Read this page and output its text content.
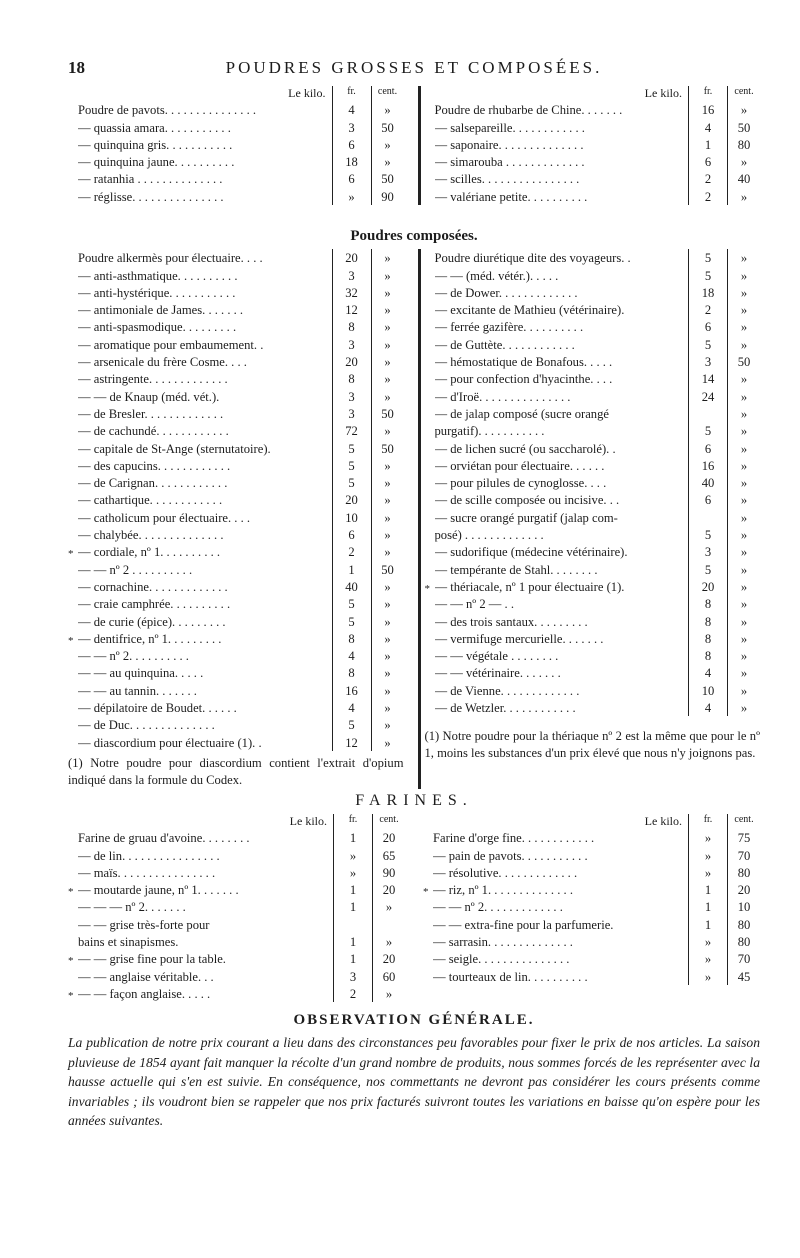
18	POUDRES GROSSES ET COMPOSÉES.
Le kilo.	fr.	cent.
Poudre de pavots. . . . . . . . . . . . . . .	4	»
— quassia amara. . . . . . . . . . .	3	50
— quinquina gris. . . . . . . . . . .	6	»
— quinquina jaune. . . . . . . . . .	18	»
— ratanhia . . . . . . . . . . . . . .	6	50
— réglisse. . . . . . . . . . . . . . .	»	90
Le kilo.	fr.	cent.
Poudre de rhubarbe de Chine. . . . . . .	16	»
— salsepareille. . . . . . . . . . . .	4	50
— saponaire. . . . . . . . . . . . . .	1	80
— simarouba . . . . . . . . . . . . .	6	»
— scilles. . . . . . . . . . . . . . . .	2	40
— valériane petite. . . . . . . . . .	2	»
Poudres composées.
Poudre alkermès pour électuaire. . . .	20	»
— anti-asthmatique. . . . . . . . . .	3	»
— anti-hystérique. . . . . . . . . . .	32	»
— antimoniale de James. . . . . . .	12	»
— anti-spasmodique. . . . . . . . .	8	»
— aromatique pour embaumement. .	3	»
— arsenicale du frère Cosme. . . .	20	»
— astringente. . . . . . . . . . . . .	8	»
— — de Knaup (méd. vét.).	3	»
— de Bresler. . . . . . . . . . . . .	3	50
— de cachundé. . . . . . . . . . . .	72	»
— capitale de St-Ange (sternutatoire).	5	50
— des capucins. . . . . . . . . . . .	5	»
— de Carignan. . . . . . . . . . . .	5	»
— cathartique. . . . . . . . . . . .	20	»
— catholicum pour électuaire. . . .	10	»
— chalybée. . . . . . . . . . . . . .	6	»
* — cordiale, nº 1. . . . . . . . . .	2	»
— — nº 2 . . . . . . . . . .	1	50
— cornachine. . . . . . . . . . . . .	40	»
— craie camphrée. . . . . . . . . .	5	»
— de curie (épice). . . . . . . . .	5	»
* — dentifrice, nº 1. . . . . . . . .	8	»
— — nº 2. . . . . . . . . .	4	»
— — au quinquina. . . . .	8	»
— — au tannin. . . . . . .	16	»
— dépilatoire de Boudet. . . . . .	4	»
— de Duc. . . . . . . . . . . . . .	5	»
— diascordium pour électuaire (1). .	12	»
(1) Notre poudre pour diascordium contient l'extrait d'opium indiqué dans la formule du Codex.
Poudre diurétique dite des voyageurs. .	5	»
— — (méd. vétér.). . . . .	5	»
— de Dower. . . . . . . . . . . . .	18	»
— excitante de Mathieu (vétérinaire).	2	»
— ferrée gazifère. . . . . . . . . .	6	»
— de Guttète. . . . . . . . . . . .	5	»
— hémostatique de Bonafous. . . . .	3	50
— pour confection d'hyacinthe. . . .	14	»
— d'Iroë. . . . . . . . . . . . . . .	24	»
— de jalap composé (sucre orangé	»
purgatif). . . . . . . . . . .	5	»
— de lichen sucré (ou saccharolé). .	6	»
— orviétan pour électuaire. . . . . .	16	»
— pour pilules de cynoglosse. . . .	40	»
— de scille composée ou incisive. . .	6	»
— sucre orangé purgatif (jalap com-	»
posé) . . . . . . . . . . . . .	5	»
— sudorifique (médecine vétérinaire).	3	»
— tempérante de Stahl. . . . . . . .	5	»
* — thériacale, nº 1 pour électuaire (1).	20	»
— — nº 2 — . .	8	»
— des trois santaux. . . . . . . . .	8	»
— vermifuge mercurielle. . . . . . .	8	»
— — végétale . . . . . . . .	8	»
— — vétérinaire. . . . . . .	4	»
— de Vienne. . . . . . . . . . . . .	10	»
— de Wetzler. . . . . . . . . . . .	4	»
(1) Notre poudre pour la thériaque nº 2 est la même que pour le nº 1, moins les substances d'un prix élevé que nous n'y joignons pas.
FARINES.
Le kilo.	fr.	cent.
Farine de gruau d'avoine. . . . . . . .	1	20
— de lin. . . . . . . . . . . . . . . .	»	65
— maïs. . . . . . . . . . . . . . . .	»	90
* — moutarde jaune, nº 1. . . . . . .	1	20
— — — nº 2. . . . . . .	1	»
— — grise très-forte pour
bains et sinapismes.	1	»
* — — grise fine pour la table.	1	20
— — anglaise véritable. . .	3	60
* — — façon anglaise. . . . .	2	»
Le kilo.	fr.	cent.
Farine d'orge fine. . . . . . . . . . . .	»	75
— pain de pavots. . . . . . . . . . .	»	70
— résolutive. . . . . . . . . . . . .	»	80
* — riz, nº 1. . . . . . . . . . . . . .	1	20
— — nº 2. . . . . . . . . . . . .	1	10
— — extra-fine pour la parfumerie.	1	80
— sarrasin. . . . . . . . . . . . . .	»	80
— seigle. . . . . . . . . . . . . . .	»	70
— tourteaux de lin. . . . . . . . . .	»	45
OBSERVATION GÉNÉRALE.
La publication de notre prix courant a lieu dans des circonstances peu favorables pour fixer le prix de nos articles. La saison pluvieuse de 1854 ayant fait manquer la récolte d'un grand nombre de produits, nous sommes forcés de les représenter avec la hausse actuelle qui s'en est suivie. En conséquence, nos commettants ne devront pas considérer les cours présents comme invariables ; ils voudront bien se rappeler que nos prix facturés suivront toutes les variations en baisse qu'on espère pour les années suivantes.
